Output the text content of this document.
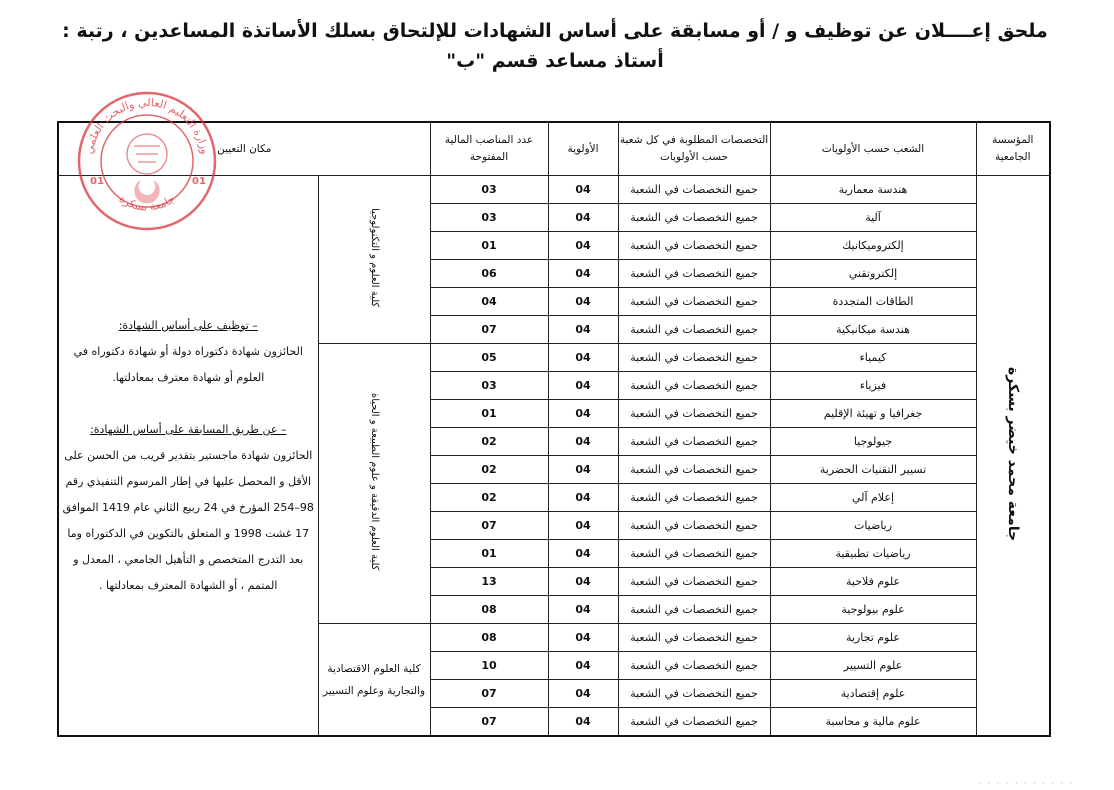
ملحق إعــــلان عن توظيف و / أو مسابقة على أساس الشهادات للإلتحاق بسلك الأساتذة المساعدين ، رتبة :
أستاذ مساعد قسم "ب"
المؤسسة الجامعية	الشعب حسب الأولويات	التخصصات المطلوبة في كل شعبة حسب الأولويات	الأولوية	عدد المناصب المالية المفتوحة	مكان التعيين	
جامعة محمد خيضر بسكرة	هندسة معمارية	جميع التخصصات في الشعبة	04	03	كلية العلوم و التكنولوجيا	– توظيف على أساس الشهادة:

الحائزون شهادة دكتوراه دولة أو شهادة دكتوراه في العلوم أو شهادة معترف بمعادلتها.

– عن طريق المسابقة على أساس الشهادة:

الحائزون شهادة ماجستير بتقدير قريب من الحسن على الأقل و المحصل عليها في إطار المرسوم التنفيذي رقم 98–254 المؤرخ في 24 ربيع الثاني عام 1419 الموافق 17 غشت 1998 و المتعلق بالتكوين في الدكتوراه وما بعد التدرج المتخصص و التأهيل الجامعي ، المعدل و المتمم ، أو الشهادة المعترف بمعادلتها .

	آلية	جميع التخصصات في الشعبة	04	03		
	إلكتروميكانيك	جميع التخصصات في الشعبة	04	01		
	إلكتروتقني	جميع التخصصات في الشعبة	04	06		
	الطاقات المتجددة	جميع التخصصات في الشعبة	04	04		
	هندسة ميكانيكية	جميع التخصصات في الشعبة	04	07		
	كيمياء	جميع التخصصات في الشعبة	04	05	كلية العلوم الدقيقة و علوم الطبيعة و الحياة	
	فيزياء	جميع التخصصات في الشعبة	04	03		
	جغرافيا و تهيئة الإقليم	جميع التخصصات في الشعبة	04	01		
	جيولوجيا	جميع التخصصات في الشعبة	04	02		
	تسيير التقنيات الحضرية	جميع التخصصات في الشعبة	04	02		
	إعلام آلي	جميع التخصصات في الشعبة	04	02		
	رياضيات	جميع التخصصات في الشعبة	04	07		
	رياضيات تطبيقية	جميع التخصصات في الشعبة	04	01		
	علوم فلاحية	جميع التخصصات في الشعبة	04	13		
	علوم بيولوجية	جميع التخصصات في الشعبة	04	08		
	علوم تجارية	جميع التخصصات في الشعبة	04	08	كلية العلوم الاقتصادية
والتجارية وعلوم التسيير	

	علوم التسيير	جميع التخصصات في الشعبة	04	10		
	علوم إقتصادية	جميع التخصصات في الشعبة	04	07		
	علوم مالية و محاسبة	جميع التخصصات في الشعبة	04	07		
وزارة التعليم العالي والبحث العلمي
جامعة بسكرة
01	01
· · · · · · · · · · ·
